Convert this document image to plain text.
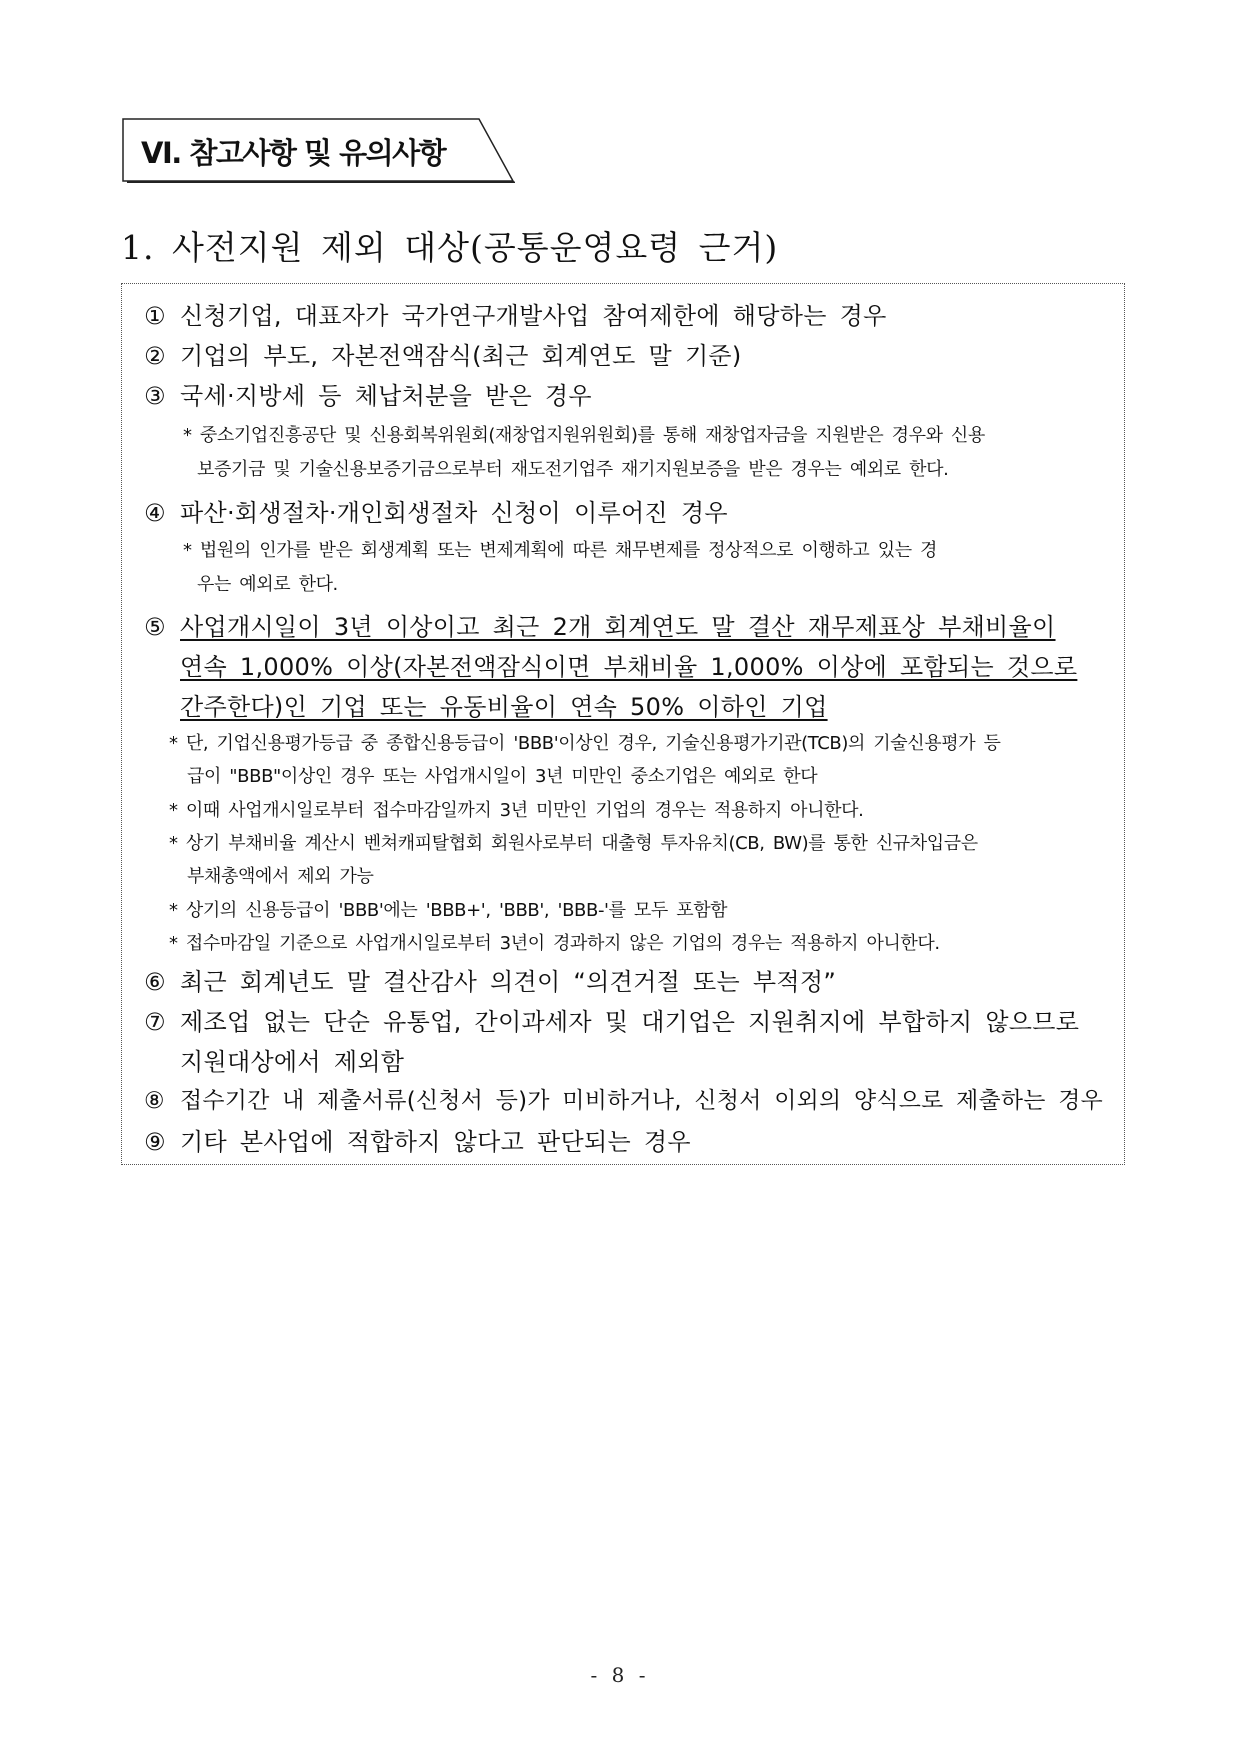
VI. 참고사항 및 유의사항
1. 사전지원 제외 대상(공통운영요령 근거)
① 신청기업, 대표자가 국가연구개발사업 참여제한에 해당하는 경우
② 기업의 부도, 자본전액잠식(최근 회계연도 말 기준)
③ 국세·지방세 등 체납처분을 받은 경우
* 중소기업진흥공단 및 신용회복위원회(재창업지원위원회)를 통해 재창업자금을 지원받은 경우와 신용
보증기금 및 기술신용보증기금으로부터 재도전기업주 재기지원보증을 받은 경우는 예외로 한다.
④ 파산·회생절차·개인회생절차 신청이 이루어진 경우
* 법원의 인가를 받은 회생계획 또는 변제계획에 따른 채무변제를 정상적으로 이행하고 있는 경
우는 예외로 한다.
⑤ 사업개시일이 3년 이상이고 최근 2개 회계연도 말 결산 재무제표상 부채비율이
연속 1,000% 이상(자본전액잠식이면 부채비율 1,000% 이상에 포함되는 것으로
간주한다)인 기업 또는 유동비율이 연속 50% 이하인 기업
* 단, 기업신용평가등급 중 종합신용등급이 'BBB'이상인 경우, 기술신용평가기관(TCB)의 기술신용평가 등
급이 "BBB"이상인 경우 또는 사업개시일이 3년 미만인 중소기업은 예외로 한다
* 이때 사업개시일로부터 접수마감일까지 3년 미만인 기업의 경우는 적용하지 아니한다.
* 상기 부채비율 계산시 벤쳐캐피탈협회 회원사로부터 대출형 투자유치(CB, BW)를 통한 신규차입금은
부채총액에서 제외 가능
* 상기의 신용등급이 'BBB'에는 'BBB+', 'BBB', 'BBB-'를 모두 포함함
* 접수마감일 기준으로 사업개시일로부터 3년이 경과하지 않은 기업의 경우는 적용하지 아니한다.
⑥ 최근 회계년도 말 결산감사 의견이 “의견거절 또는 부적정”
⑦ 제조업 없는 단순 유통업, 간이과세자 및 대기업은 지원취지에 부합하지 않으므로
지원대상에서 제외함
⑧ 접수기간 내 제출서류(신청서 등)가 미비하거나, 신청서 이외의 양식으로 제출하는 경우
⑨ 기타 본사업에 적합하지 않다고 판단되는 경우
- 8 -
